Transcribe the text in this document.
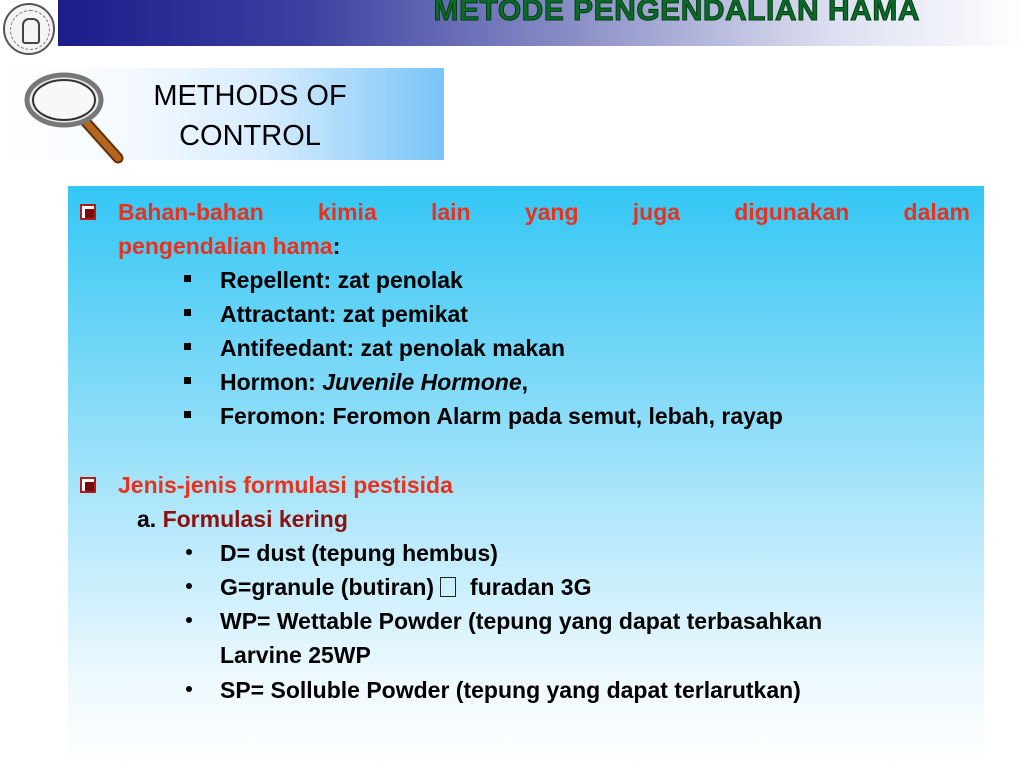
METODE PENGENDALIAN HAMA
METHODS OF
CONTROL
Bahan-bahan kimia lain yang juga digunakan dalam
pengendalian hama:
Repellent: zat penolak
Attractant: zat pemikat
Antifeedant: zat penolak makan
Hormon: Juvenile Hormone,
Feromon: Feromon Alarm pada semut, lebah, rayap
Jenis-jenis formulasi pestisida
a. Formulasi kering
D= dust (tepung hembus)
G=granule (butiran) furadan 3G
WP= Wettable Powder (tepung yang dapat terbasahkan
Larvine 25WP
SP= Solluble Powder (tepung yang dapat terlarutkan)
